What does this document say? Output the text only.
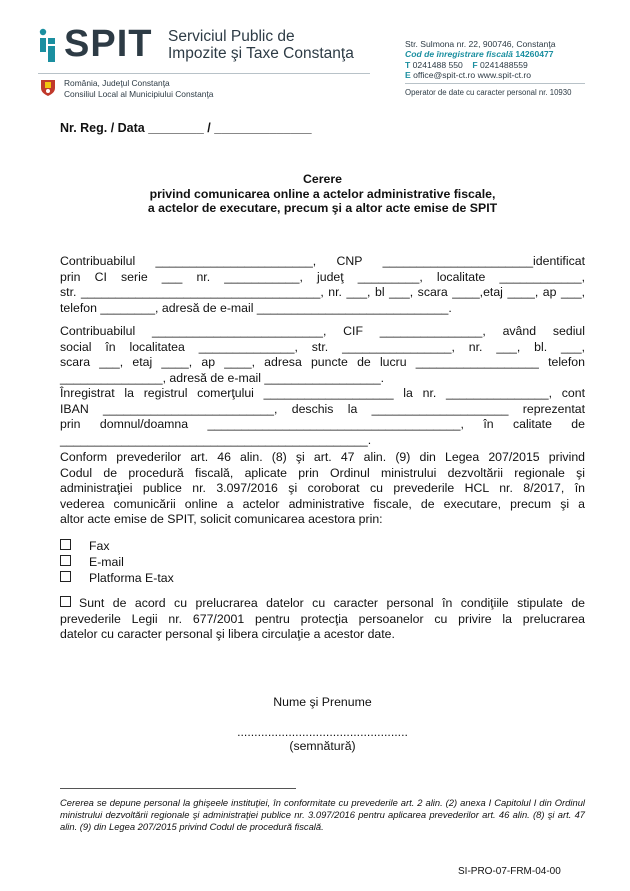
SPIT Serviciul Public de
Impozite şi Taxe Constanţa
Str. Sulmona nr. 22, 900746, Constanţa
Cod de înregistrare fiscală 14260477
T 0241488 550 F 0241488559
E office@spit-ct.ro www.spit-ct.ro
Operator de date cu caracter personal nr. 10930
România, Judeţul Constanţa
Consiliul Local al Municipiului Constanţa
Nr. Reg. / Data ________ / ______________
Cerere
privind comunicarea online a actelor administrative fiscale,
a actelor de executare, precum şi a altor acte emise de SPIT
Contribuabilul _______________________, CNP ______________________identificat
prin CI serie ___ nr. ___________, judeţ _________, localitate ____________,
str. ___________________________________, nr. ___, bl ___, scara ____,etaj ____, ap ___,
telefon ________, adresă de e-mail ____________________________.
Contribuabilul _________________________, CIF _______________, având sediul
social în localitatea ______________, str. ________________, nr. ___, bl. ___,
scara ___, etaj ____, ap ____, adresa puncte de lucru __________________ telefon
_______________, adresă de e-mail _________________.
Înregistrat la registrul comerţului ___________________ la nr. _______________, cont
IBAN _________________________, deschis la ____________________ reprezentat
prin domnul/doamna _____________________________________, în calitate de
_____________________________________________.
Conform prevederilor art. 46 alin. (8) şi art. 47 alin. (9) din Legea 207/2015 privind
Codul de procedură fiscală, aplicate prin Ordinul ministrului dezvoltării regionale şi
administraţiei publice nr. 3.097/2016 şi coroborat cu prevederile HCL nr. 8/2017, în
vederea comunicării online a actelor administrative fiscale, de executare, precum şi a
altor acte emise de SPIT, solicit comunicarea acestora prin:
Fax
E-mail
Platforma E-tax
Sunt de acord cu prelucrarea datelor cu caracter personal în condiţiile stipulate de
prevederile Legii nr. 677/2001 pentru protecţia persoanelor cu privire la prelucrarea
datelor cu caracter personal şi libera circulaţie a acestor date.
Nume şi Prenume
..................................................
(semnătură)
Cererea se depune personal la ghişeele instituţiei, în conformitate cu prevederile art. 2 alin. (2) anexa I Capitolul I din Ordinul ministrului dezvoltării regionale şi administraţiei publice nr. 3.097/2016 pentru aplicarea prevederilor art. 46 alin. (8) şi art. 47 alin. (9) din Legea 207/2015 privind Codul de procedură fiscală.
SI-PRO-07-FRM-04-00
